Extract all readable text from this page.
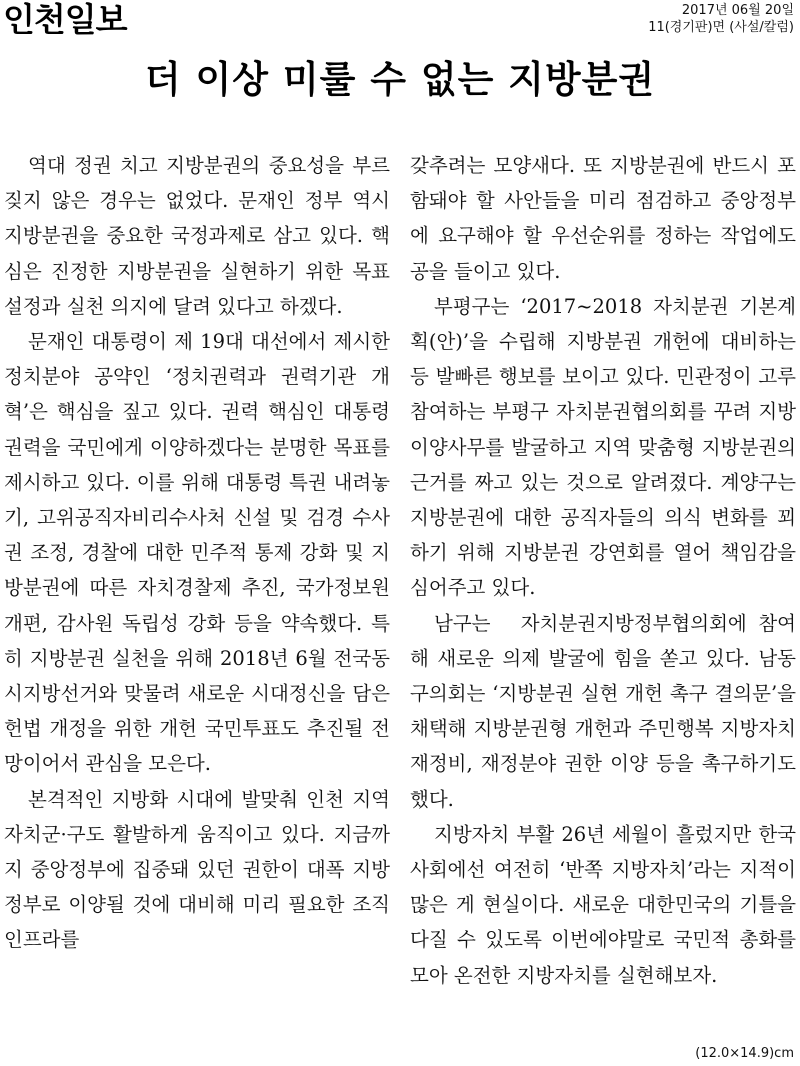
인천일보	2017년 06월 20일
11(경기판)면 (사설/칼럼)
더 이상 미룰 수 없는 지방분권

역대 정권 치고 지방분권의 중요성을 부르짖지 않은 경우는 없었다. 문재인 정부 역시 지방분권을 중요한 국정과제로 삼고 있다. 핵심은 진정한 지방분권을 실현하기 위한 목표 설정과 실천 의지에 달려 있다고 하겠다.

문재인 대통령이 제 19대 대선에서 제시한 정치분야 공약인 ‘정치권력과 권력기관 개혁’은 핵심을 짚고 있다. 권력 핵심인 대통령 권력을 국민에게 이양하겠다는 분명한 목표를 제시하고 있다. 이를 위해 대통령 특권 내려놓기, 고위공직자비리수사처 신설 및 검경 수사권 조정, 경찰에 대한 민주적 통제 강화 및 지방분권에 따른 자치경찰제 추진, 국가정보원 개편, 감사원 독립성 강화 등을 약속했다. 특히 지방분권 실천을 위해 2018년 6월 전국동시지방선거와 맞물려 새로운 시대정신을 담은 헌법 개정을 위한 개헌 국민투표도 추진될 전망이어서 관심을 모은다.

본격적인 지방화 시대에 발맞춰 인천 지역 자치군·구도 활발하게 움직이고 있다. 지금까지 중앙정부에 집중돼 있던 권한이 대폭 지방정부로 이양될 것에 대비해 미리 필요한 조직 인프라를

갖추려는 모양새다. 또 지방분권에 반드시 포함돼야 할 사안들을 미리 점검하고 중앙정부에 요구해야 할 우선순위를 정하는 작업에도 공을 들이고 있다.

부평구는 ‘2017~2018 자치분권 기본계획(안)’을 수립해 지방분권 개헌에 대비하는 등 발빠른 행보를 보이고 있다. 민관정이 고루 참여하는 부평구 자치분권협의회를 꾸려 지방이양사무를 발굴하고 지역 맞춤형 지방분권의 근거를 짜고 있는 것으로 알려졌다. 계양구는 지방분권에 대한 공직자들의 의식 변화를 꾀하기 위해 지방분권 강연회를 열어 책임감을 심어주고 있다.

남구는　자치분권지방정부협의회에 참여해 새로운 의제 발굴에 힘을 쏟고 있다. 남동구의회는 ‘지방분권 실현 개헌 촉구 결의문’을 채택해 지방분권형 개헌과 주민행복 지방자치 재정비, 재정분야 권한 이양 등을 촉구하기도 했다.

지방자치 부활 26년 세월이 흘렀지만 한국사회에선 여전히 ‘반쪽 지방자치’라는 지적이 많은 게 현실이다. 새로운 대한민국의 기틀을 다질 수 있도록 이번에야말로 국민적 총화를 모아 온전한 지방자치를 실현해보자.

(12.0×14.9)cm
